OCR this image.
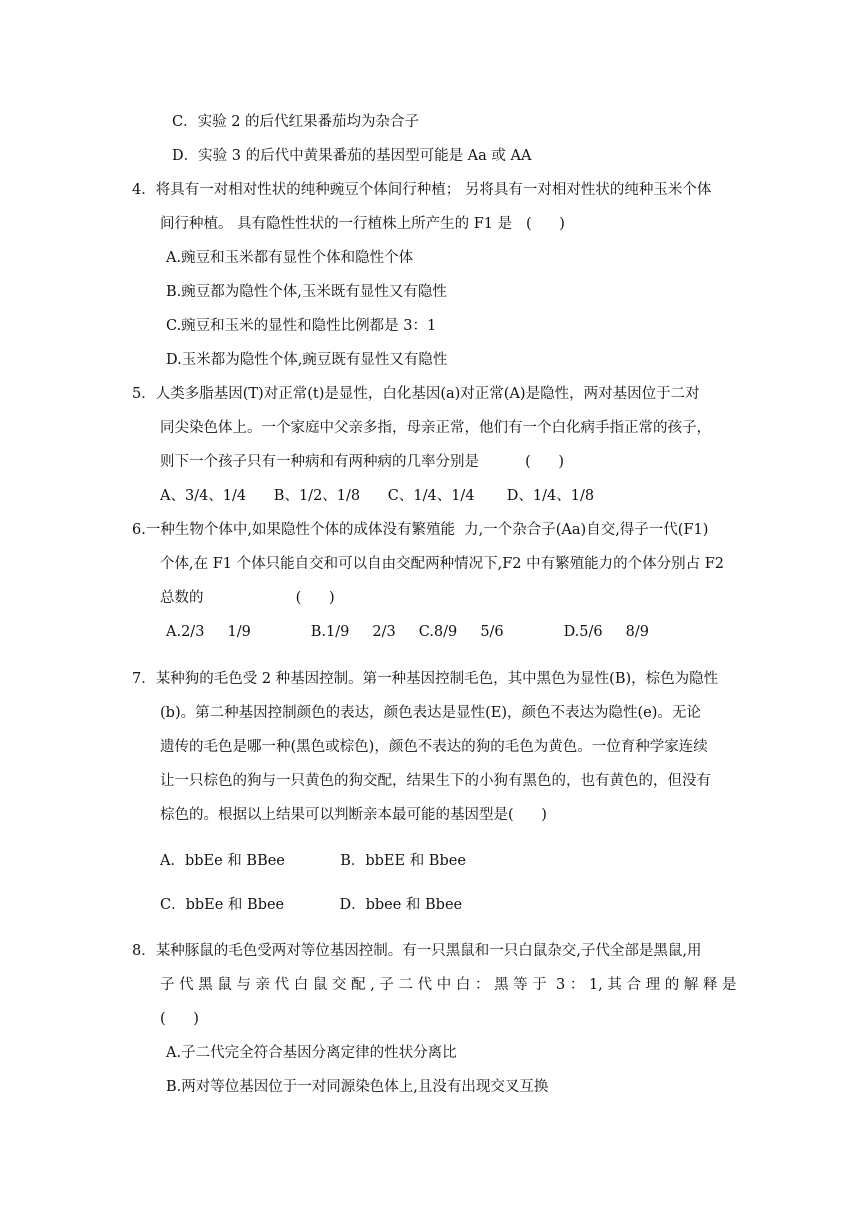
C．实验 2 的后代红果番茄均为杂合子
D．实验 3 的后代中黄果番茄的基因型可能是 Aa 或 AA
4．将具有一对相对性状的纯种豌豆个体间行种植； 另将具有一对相对性状的纯种玉米个体
间行种植。 具有隐性性状的一行植株上所产生的 F1 是   (      )
A.豌豆和玉米都有显性个体和隐性个体
B.豌豆都为隐性个体,玉米既有显性又有隐性
C.豌豆和玉米的显性和隐性比例都是 3：1
D.玉米都为隐性个体,豌豆既有显性又有隐性
5．人类多脂基因(T)对正常(t)是显性，白化基因(a)对正常(A)是隐性，两对基因位于二对
同尖染色体上。一个家庭中父亲多指，母亲正常，他们有一个白化病手指正常的孩子，
则下一个孩子只有一种病和有两种病的几率分别是          (      )
A、3/4、1/4      B、1/2、1/8      C、1/4、1/4       D、1/4、1/8
6.一种生物个体中,如果隐性个体的成体没有繁殖能  力,一个杂合子(Aa)自交,得子一代(F1)
个体,在 F1 个体只能自交和可以自由交配两种情况下,F2 中有繁殖能力的个体分别占 F2
总数的                    (      )
A.2/3     1/9             B.1/9     2/3     C.8/9     5/6             D.5/6     8/9
7．某种狗的毛色受 2 种基因控制。第一种基因控制毛色，其中黑色为显性(B)，棕色为隐性
(b)。第二种基因控制颜色的表达，颜色表达是显性(E)，颜色不表达为隐性(e)。无论
遗传的毛色是哪一种(黑色或棕色)，颜色不表达的狗的毛色为黄色。一位育种学家连续
让一只棕色的狗与一只黄色的狗交配，结果生下的小狗有黑色的，也有黄色的，但没有
棕色的。根据以上结果可以判断亲本最可能的基因型是(      )
A．bbEe 和 BBee            B．bbEE 和 Bbee
C．bbEe 和 Bbee            D．bbee 和 Bbee
8．某种豚鼠的毛色受两对等位基因控制。有一只黑鼠和一只白鼠杂交,子代全部是黑鼠,用
子 代 黑 鼠 与 亲 代 白 鼠 交 配 , 子 二 代 中 白 ： 黑 等 于  3 ： 1, 其 合 理 的 解 释 是
(      )
A.子二代完全符合基因分离定律的性状分离比
B.两对等位基因位于一对同源染色体上,且没有出现交叉互换
